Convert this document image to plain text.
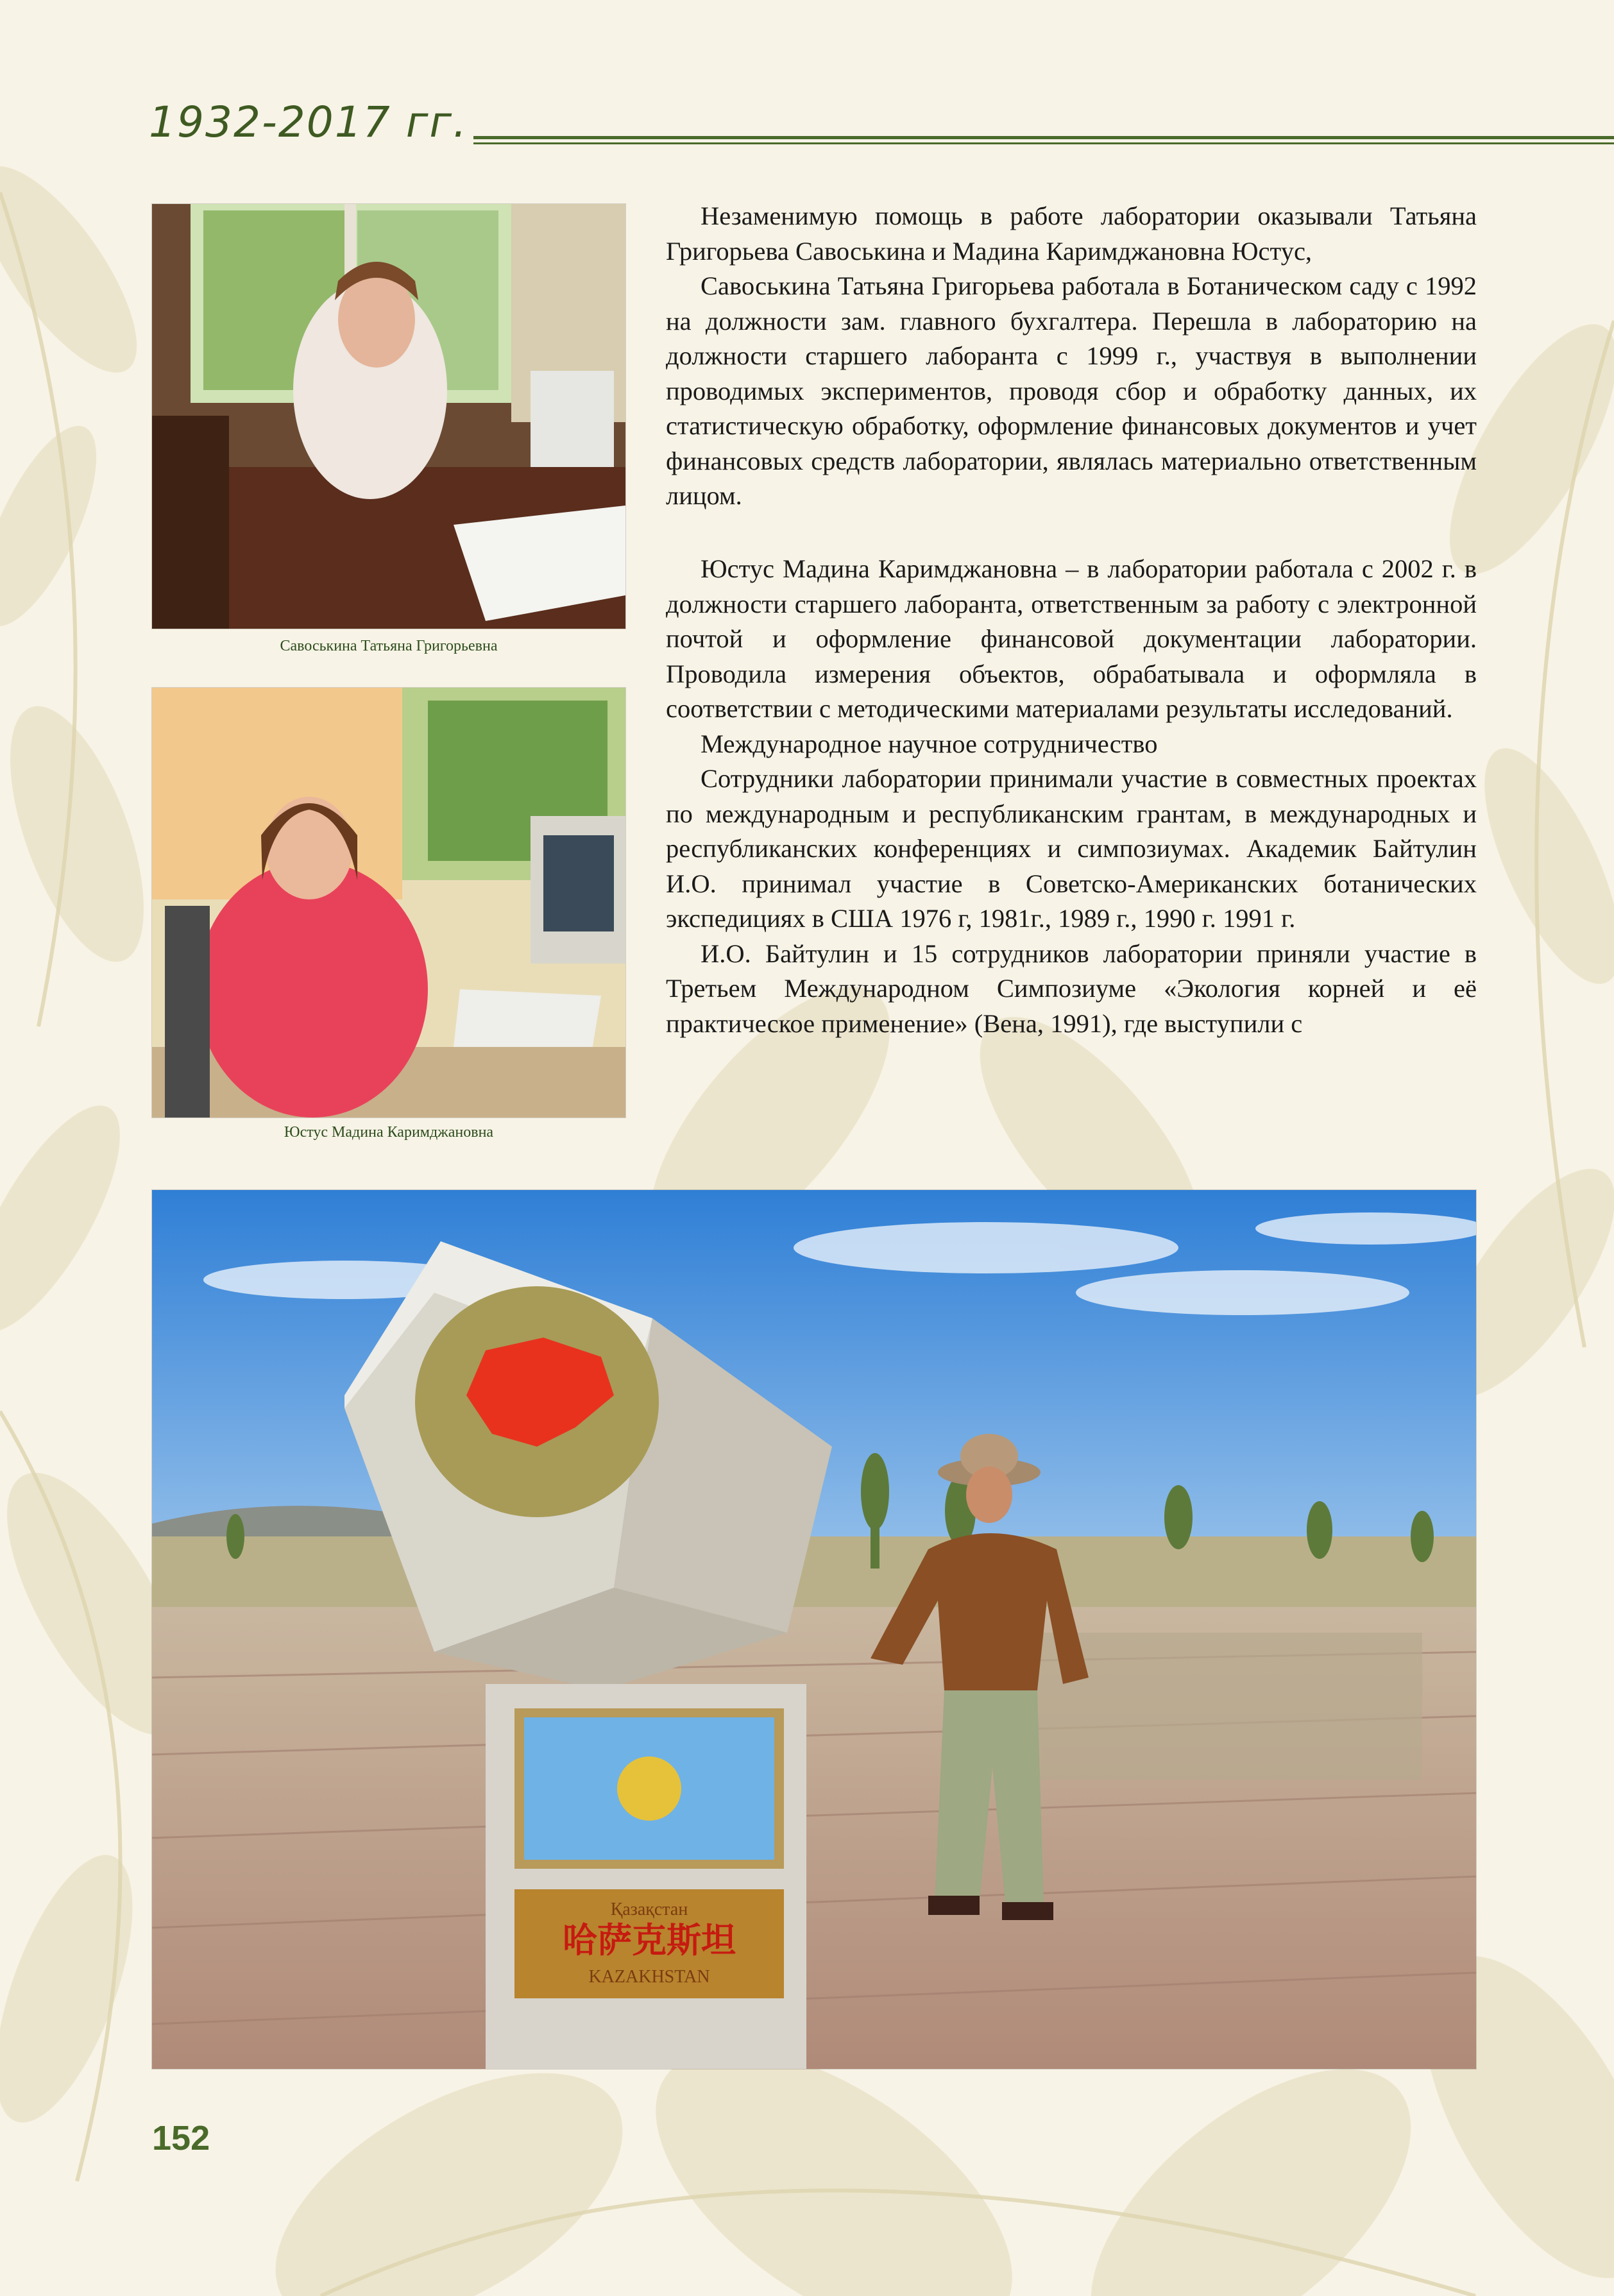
1932-2017 гг.
Савоськина Татьяна Григорьевна
Юстус Мадина Каримджановна

Незаменимую помощь в работе лаборатории оказывали Татьяна Григорьева Савоськина и Мадина Каримджановна Юстус,

Савоськина Татьяна Григорьева работала в Ботаническом саду с 1992 на должности зам. главного бухгалтера. Перешла в лабораторию на должности старшего лаборанта с 1999 г., участвуя в выполнении проводимых экспериментов, проводя сбор и обработку данных, их статистическую обработку, оформление финансовых документов и учет финансовых средств лаборатории, являлась материально ответственным лицом.

Юстус Мадина Каримджановна – в лаборатории работала с 2002 г. в должности старшего лаборанта, ответственным за работу с электронной почтой и оформление финансовой документации лаборатории. Проводила измерения объектов, обрабатывала и оформляла в соответствии с методическими материалами результаты исследований.

Международное научное сотрудничество

Сотрудники лаборатории принимали участие в совместных проектах по международным и республиканским грантам, в международных и республиканских конференциях и симпозиумах. Академик Байтулин И.О. принимал участие в Советско-Американских ботанических экспедициях в США 1976 г, 1981г., 1989 г., 1990 г. 1991 г.

И.О. Байтулин и 15 сотрудников лаборатории приняли участие в Третьем Международном Симпозиуме «Экология корней и её практическое применение» (Вена, 1991), где выступили с

Қазақстан
哈萨克斯坦
KAZAKHSTAN
152
